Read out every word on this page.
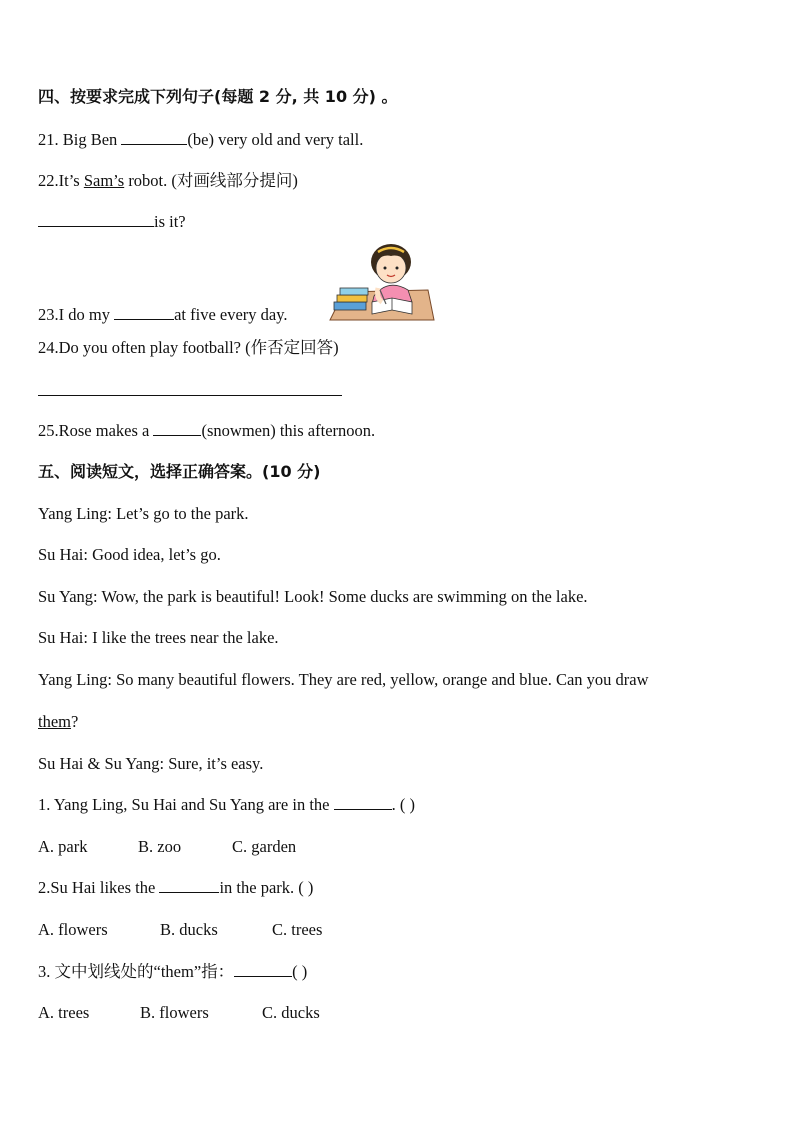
四、按要求完成下列句子(每题 2 分, 共 10 分) 。
21. Big Ben	(be) very old and very tall.
22.It’s Sam’s robot. (对画线部分提问)
is it?
23.I do my	at five every day.
24.Do you often play football? (作否定回答)
25.Rose makes a	(snowmen) this afternoon.
五、阅读短文，选择正确答案。(10 分)
Yang Ling: Let’s go to the park.
Su Hai: Good idea, let’s go.
Su Yang: Wow, the park is beautiful! Look! Some ducks are swimming on the lake.
Su Hai: I like the trees near the lake.
Yang Ling: So many beautiful flowers. They are red, yellow, orange and blue. Can you draw
them?
Su Hai & Su Yang: Sure, it’s easy.
1. Yang Ling, Su Hai and Su Yang are in the	. ( )
A. park	B. zoo	C. garden
2.Su Hai likes the	in the park. ( )
A. flowers	B. ducks	C. trees
3. 文中划线处的“them”指：	( )
A. trees	B. flowers	C. ducks
